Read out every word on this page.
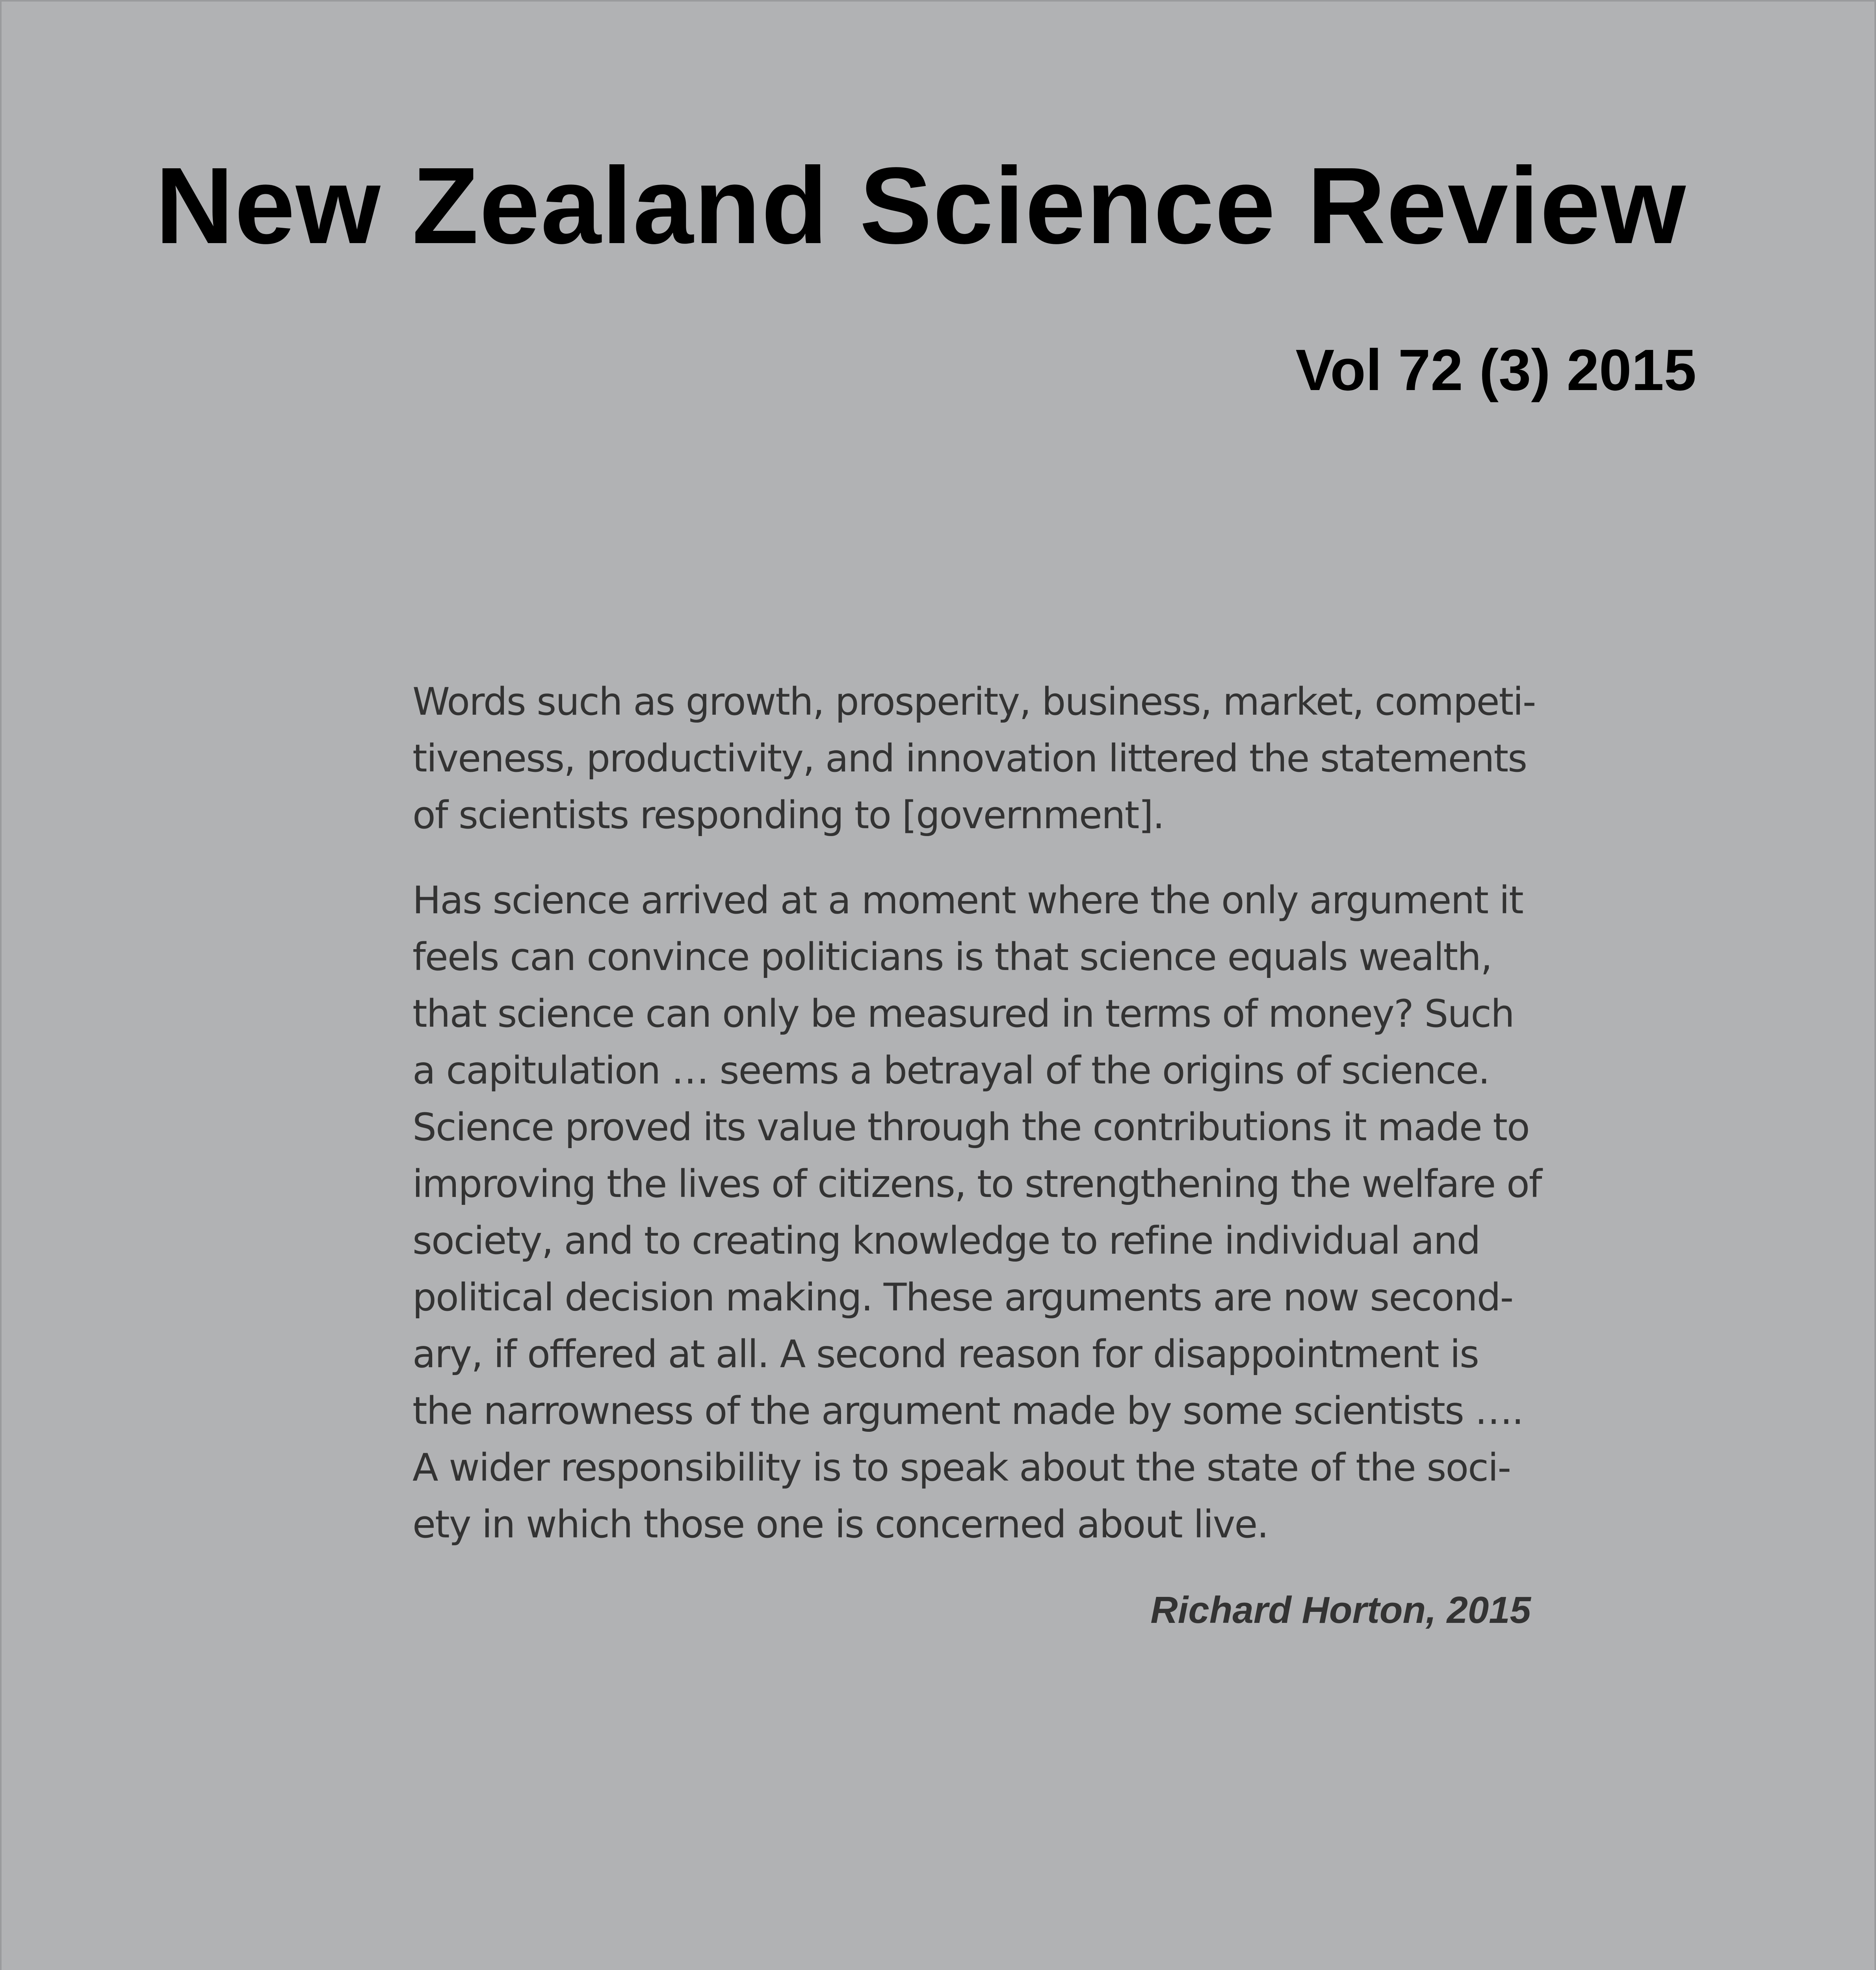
New Zealand Science Review
Vol 72 (3) 2015

Words such as growth, prosperity, business, market, competi-
tiveness, productivity, and innovation littered the statements
of scientists responding to [government].

Has science arrived at a moment where the only argument it
feels can convince politicians is that science equals wealth,
that science can only be measured in terms of money? Such
a capitulation … seems a betrayal of the origins of science.
Science proved its value through the contributions it made to
improving the lives of citizens, to strengthening the welfare of
society, and to creating knowledge to refine individual and
political decision making. These arguments are now second-
ary, if offered at all. A second reason for disappointment is
the narrowness of the argument made by some scientists ….
A wider responsibility is to speak about the state of the soci-
ety in which those one is concerned about live.

Richard Horton, 2015
